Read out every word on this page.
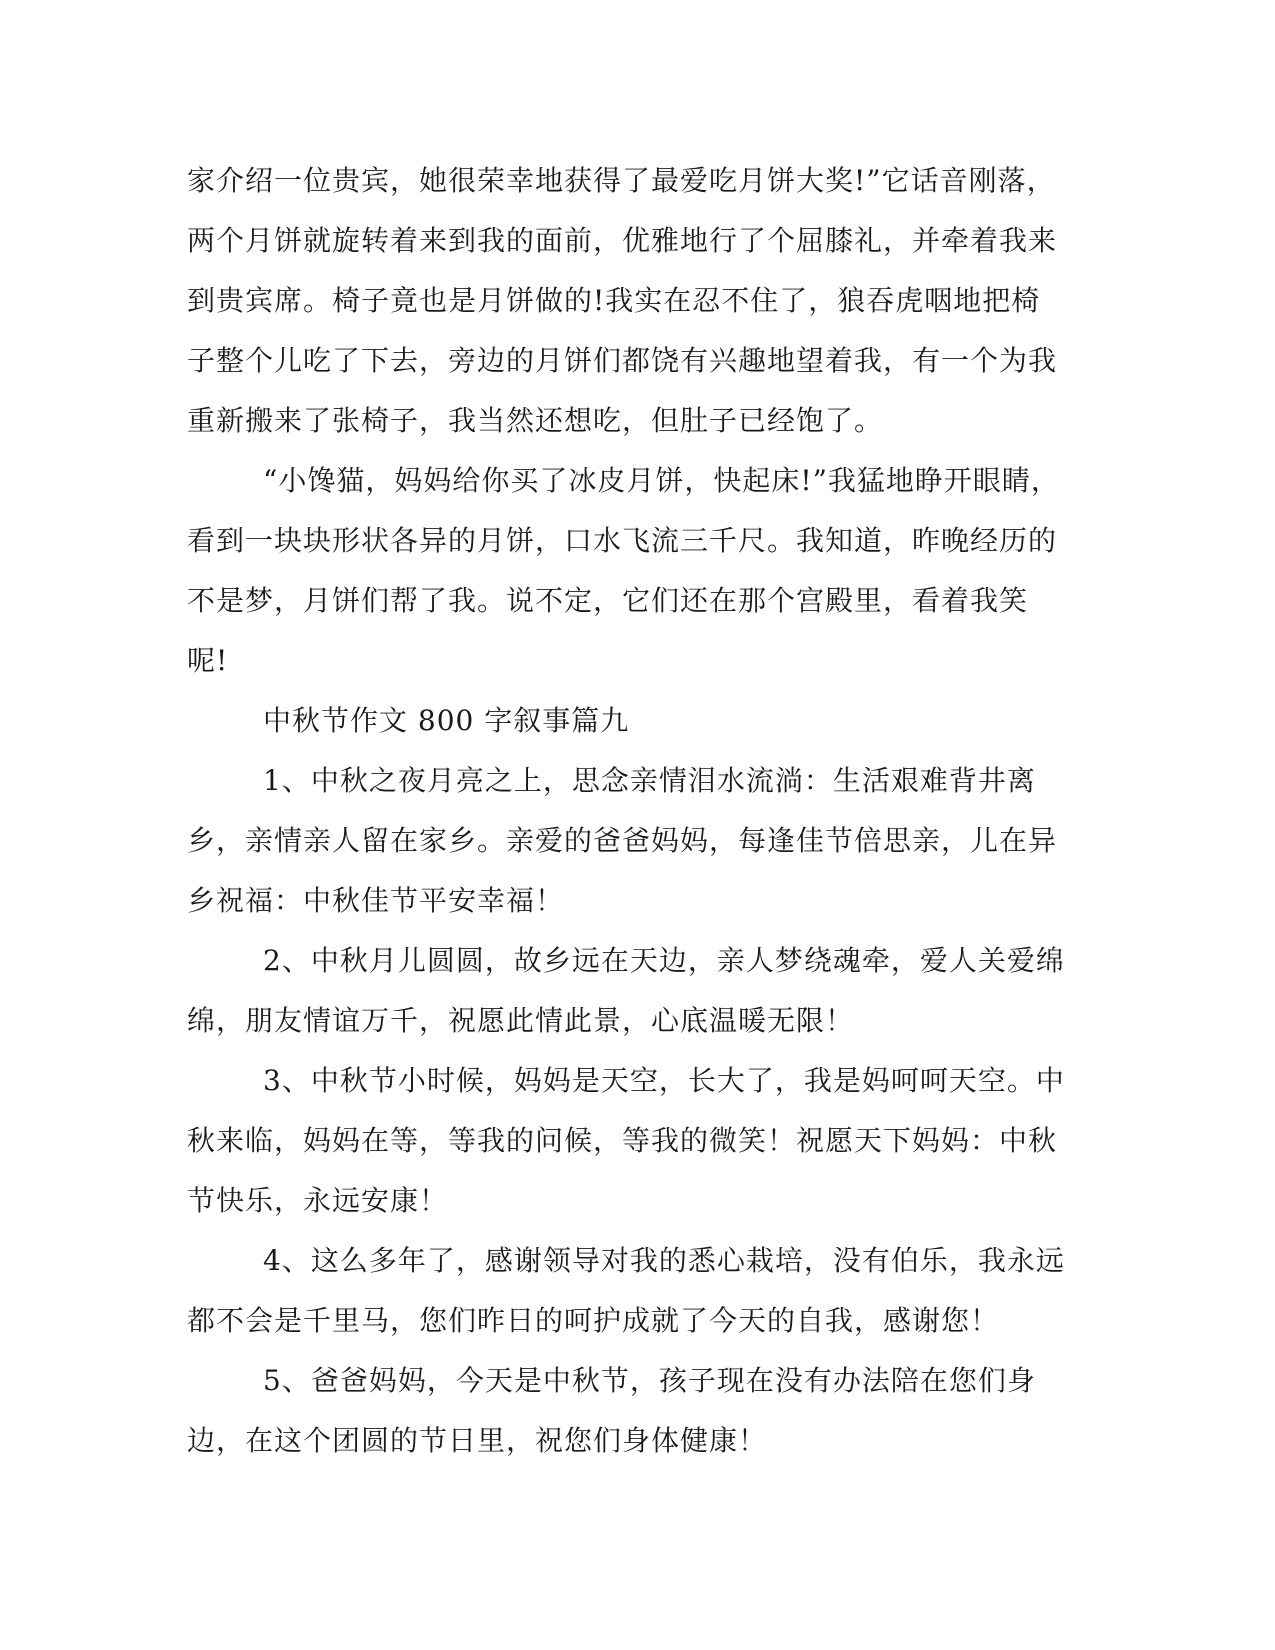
家介绍一位贵宾，她很荣幸地获得了最爱吃月饼大奖!”它话音刚落，两个月饼就旋转着来到我的面前，优雅地行了个屈膝礼，并牵着我来到贵宾席。椅子竟也是月饼做的!我实在忍不住了，狼吞虎咽地把椅子整个儿吃了下去，旁边的月饼们都饶有兴趣地望着我，有一个为我重新搬来了张椅子，我当然还想吃，但肚子已经饱了。

“小馋猫，妈妈给你买了冰皮月饼，快起床!”我猛地睁开眼睛，看到一块块形状各异的月饼，口水飞流三千尺。我知道，昨晚经历的不是梦，月饼们帮了我。说不定，它们还在那个宫殿里，看着我笑呢!

中秋节作文 800 字叙事篇九

1、中秋之夜月亮之上，思念亲情泪水流淌：生活艰难背井离乡，亲情亲人留在家乡。亲爱的爸爸妈妈，每逢佳节倍思亲，儿在异乡祝福：中秋佳节平安幸福！

2、中秋月儿圆圆，故乡远在天边，亲人梦绕魂牵，爱人关爱绵绵，朋友情谊万千，祝愿此情此景，心底温暖无限！

3、中秋节小时候，妈妈是天空，长大了，我是妈呵呵天空。中秋来临，妈妈在等，等我的问候，等我的微笑！祝愿天下妈妈：中秋节快乐，永远安康！

4、这么多年了，感谢领导对我的悉心栽培，没有伯乐，我永远都不会是千里马，您们昨日的呵护成就了今天的自我，感谢您！

5、爸爸妈妈，今天是中秋节，孩子现在没有办法陪在您们身边，在这个团圆的节日里，祝您们身体健康！
